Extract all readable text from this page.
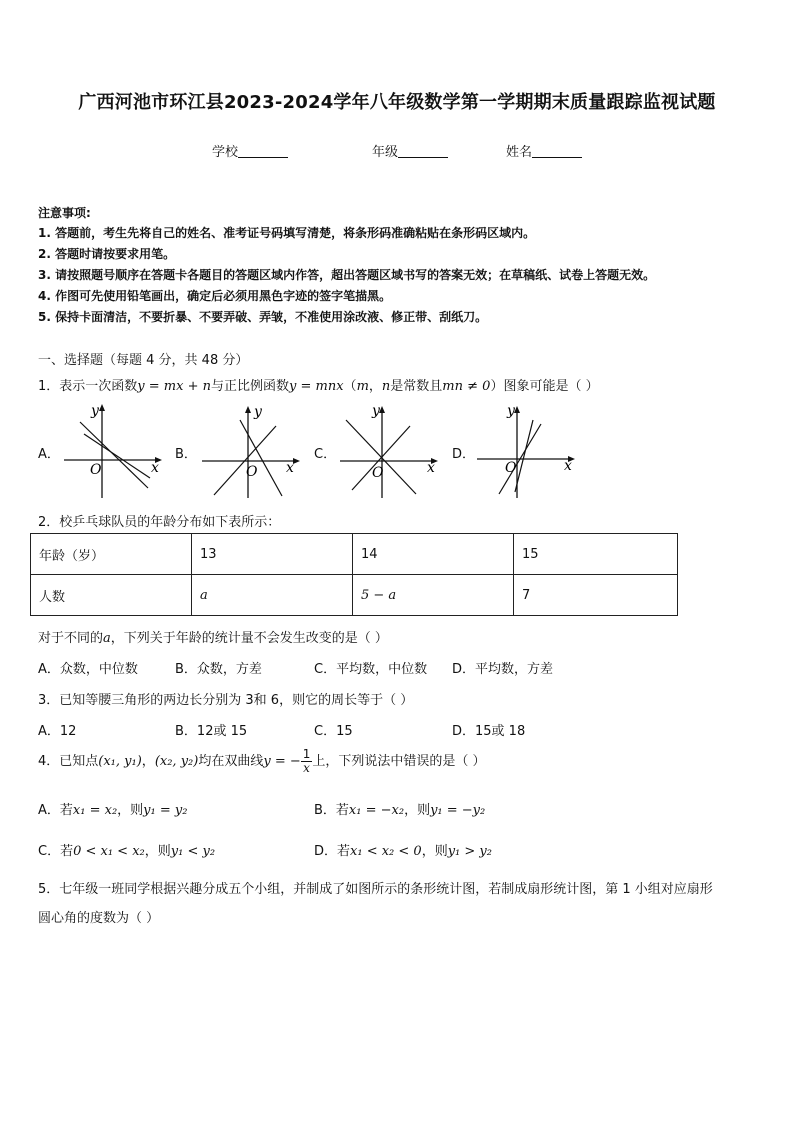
广西河池市环江县2023-2024学年八年级数学第一学期期末质量跟踪监视试题
学校	年级	姓名
注意事项:
1. 答题前，考生先将自己的姓名、准考证号码填写清楚，将条形码准确粘贴在条形码区域内。
2. 答题时请按要求用笔。
3. 请按照题号顺序在答题卡各题目的答题区域内作答，超出答题区域书写的答案无效；在草稿纸、试卷上答题无效。
4. 作图可先使用铅笔画出，确定后必须用黑色字迹的签字笔描黑。
5. 保持卡面清洁，不要折暴、不要弄破、弄皱，不准使用涂改液、修正带、刮纸刀。
一、选择题（每题 4 分，共 48 分）
1．表示一次函数y = mx + n与正比例函数y = mnx（m，n是常数且mn ≠ 0）图象可能是（ ）
A．	B．	C．	D．
y
x
O
y
x
O
y
x
O
y
x
O
2．校乒乓球队员的年龄分布如下表所示：
年龄（岁）	13	14	15
人数	a	5 − a	7
对于不同的a，下列关于年龄的统计量不会发生改变的是（ ）
A．众数，中位数	B．众数，方差	C．平均数，中位数 D．平均数，方差
3．已知等腰三角形的两边长分别为 3和 6，则它的周长等于（ ）
A．12	B．12或 15	C．15	D．15或 18
4．已知点(x₁, y₁)，(x₂, y₂)均在双曲线y = − $\frac{1}{x}$ 上，下列说法中错误的是（ ）
A．若x₁ = x₂，则y₁ = y₂	B．若x₁ = −x₂，则y₁ = −y₂
C．若0 < x₁ < x₂，则y₁ < y₂	D．若x₁ < x₂ < 0，则y₁ > y₂
5．七年级一班同学根据兴趣分成五个小组，并制成了如图所示的条形统计图，若制成扇形统计图，第 1 小组对应扇形
圆心角的度数为（ ）
